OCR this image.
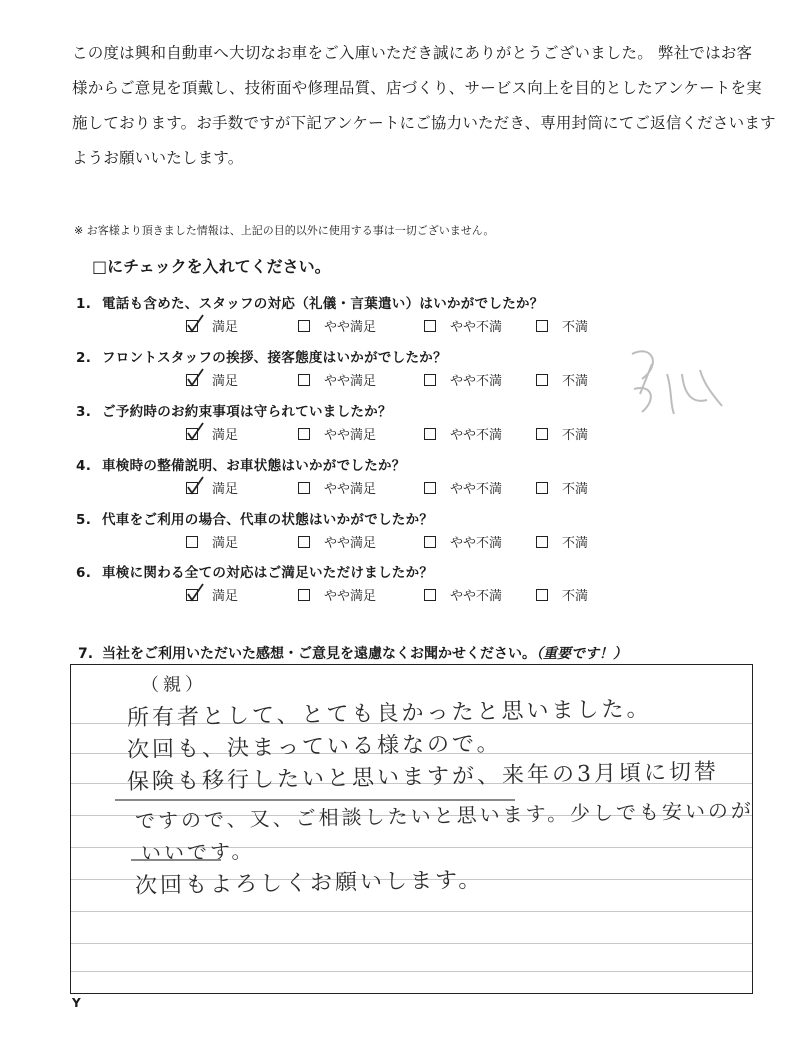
この度は興和自動車へ大切なお車をご入庫いただき誠にありがとうございました。 弊社ではお客

様からご意見を頂戴し、技術面や修理品質、店づくり、サービス向上を目的としたアンケートを実

施しております。お手数ですが下記アンケートにご協力いただき、専用封筒にてご返信くださいます

ようお願いいたします。

※ お客様より頂きました情報は、上記の目的以外に使用する事は一切ございません。
□にチェックを入れてください。
1. 電話も含めた、スタッフの対応（礼儀・言葉遣い）はいかがでしたか？
満足	やや満足	やや不満	不満
2. フロントスタッフの挨拶、接客態度はいかがでしたか？
満足	やや満足	やや不満	不満
3. ご予約時のお約束事項は守られていましたか？
満足	やや満足	やや不満	不満
4. 車検時の整備説明、お車状態はいかがでしたか？
満足	やや満足	やや不満	不満
5. 代車をご利用の場合、代車の状態はいかがでしたか？
満足	やや満足	やや不満	不満
6. 車検に関わる全ての対応はご満足いただけましたか？
満足	やや満足	やや不満	不満
多い
7. 当社をご利用いただいた感想・ご意見を遠慮なくお聞かせください。（重要です！）
（親）
所有者として、とても良かったと思いました。
次回も、決まっている様なので。
保険も移行したいと思いますが、来年の3月頃に切替
ですので、又、ご相談したいと思います。少しでも安いのが
いいです。
次回もよろしくお願いします。
Y
